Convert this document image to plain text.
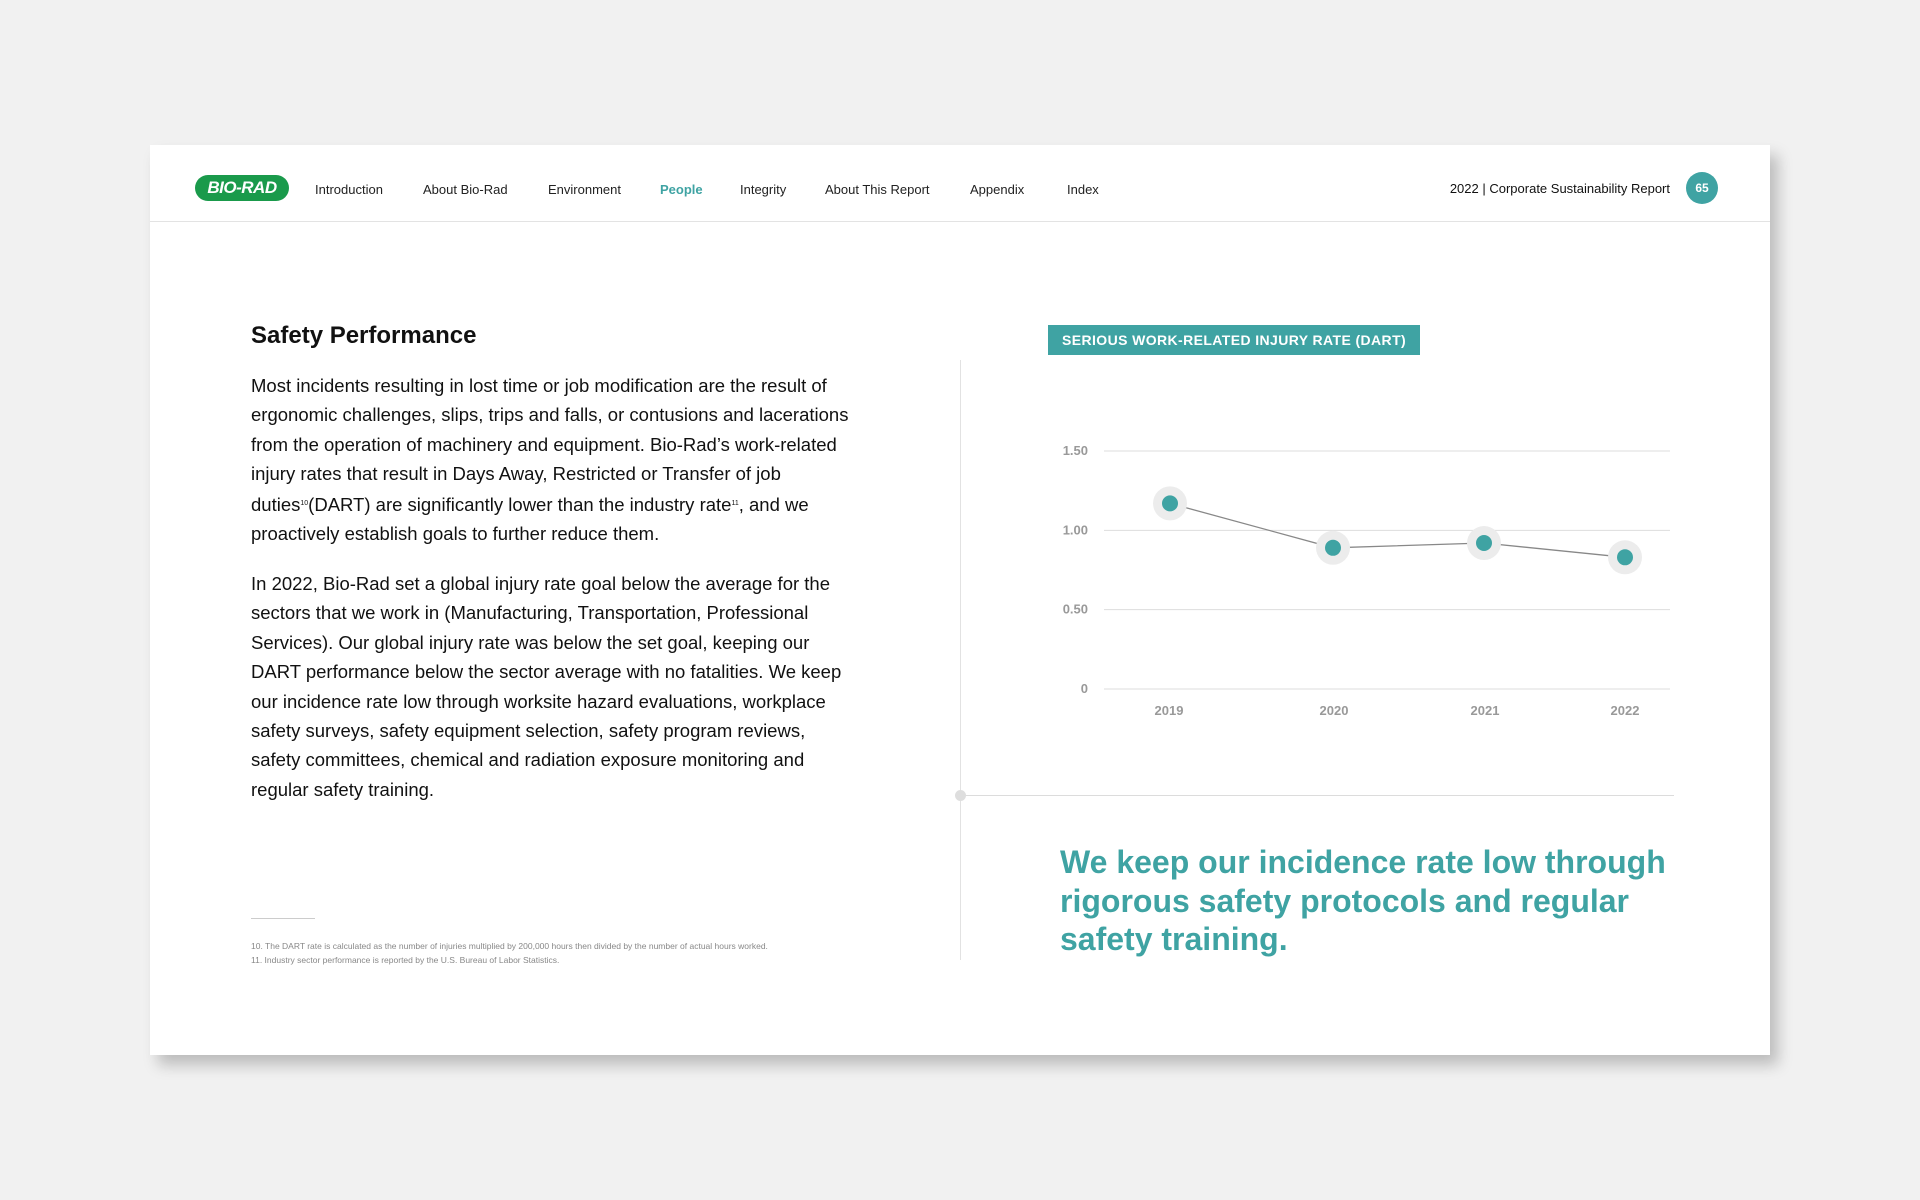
BIO-RAD	Introduction	About Bio-Rad	Environment	People	Integrity	About This Report	Appendix	Index	2022 | Corporate Sustainability Report	65
Safety Performance

Most incidents resulting in lost time or job modification are the result of ergonomic challenges, slips, trips and falls, or contusions and lacerations from the operation of machinery and equipment. Bio-Rad’s work-related injury rates that result in Days Away, Restricted or Transfer of job duties$^{10}$(DART) are significantly lower than the industry rate$^{11}$, and we proactively establish goals to further reduce them.

In 2022, Bio-Rad set a global injury rate goal below the average for the sectors that we work in (Manufacturing, Transportation, Professional Services). Our global injury rate was below the set goal, keeping our DART performance below the sector average with no fatalities. We keep our incidence rate low through worksite hazard evaluations, workplace safety surveys, safety equipment selection, safety program reviews, safety committees, chemical and radiation exposure monitoring and regular safety training.

10. The DART rate is calculated as the number of injuries multiplied by 200,000 hours then divided by the number of actual hours worked.
11. Industry sector performance is reported by the U.S. Bureau of Labor Statistics.
SERIOUS WORK-RELATED INJURY RATE (DART)
0
0.50
1.00
1.50
2019	2020	2021	2022

We keep our incidence rate low through rigorous safety protocols and regular safety training.
